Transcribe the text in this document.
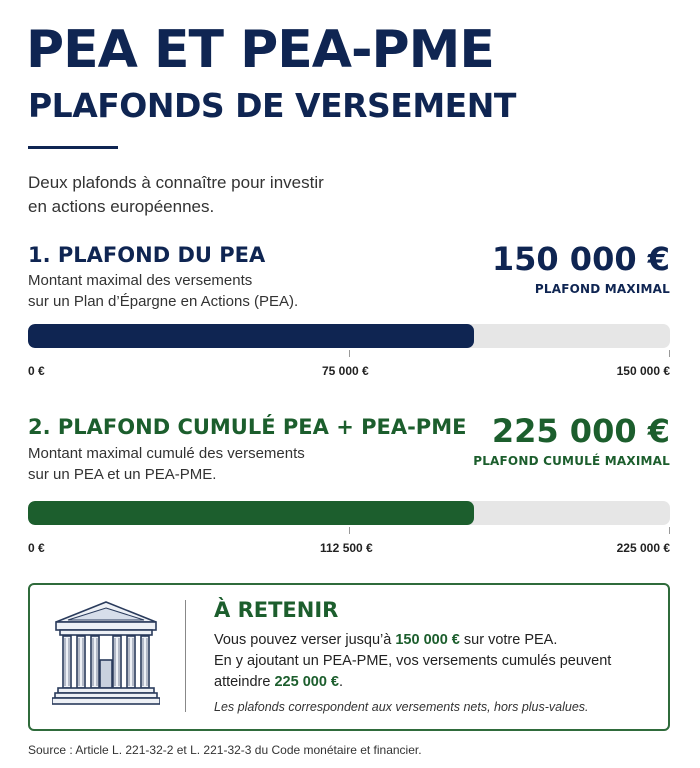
PEA ET PEA-PME
PLAFONDS DE VERSEMENT
Deux plafonds à connaître pour investir
en actions européennes.
1. PLAFOND DU PEA
Montant maximal des versements
sur un Plan d’Épargne en Actions (PEA).
150 000 €
PLAFOND MAXIMAL
0 €	75 000 €	150 000 €
2. PLAFOND CUMULÉ PEA + PEA-PME
Montant maximal cumulé des versements
sur un PEA et un PEA-PME.
225 000 €
PLAFOND CUMULÉ MAXIMAL
0 €	112 500 €	225 000 €
À RETENIR
Vous pouvez verser jusqu’à 150 000 € sur votre PEA.
En y ajoutant un PEA-PME, vos versements cumulés peuvent
atteindre 225 000 €.
Les plafonds correspondent aux versements nets, hors plus-values.
Source : Article L. 221-32-2 et L. 221-32-3 du Code monétaire et financier.
